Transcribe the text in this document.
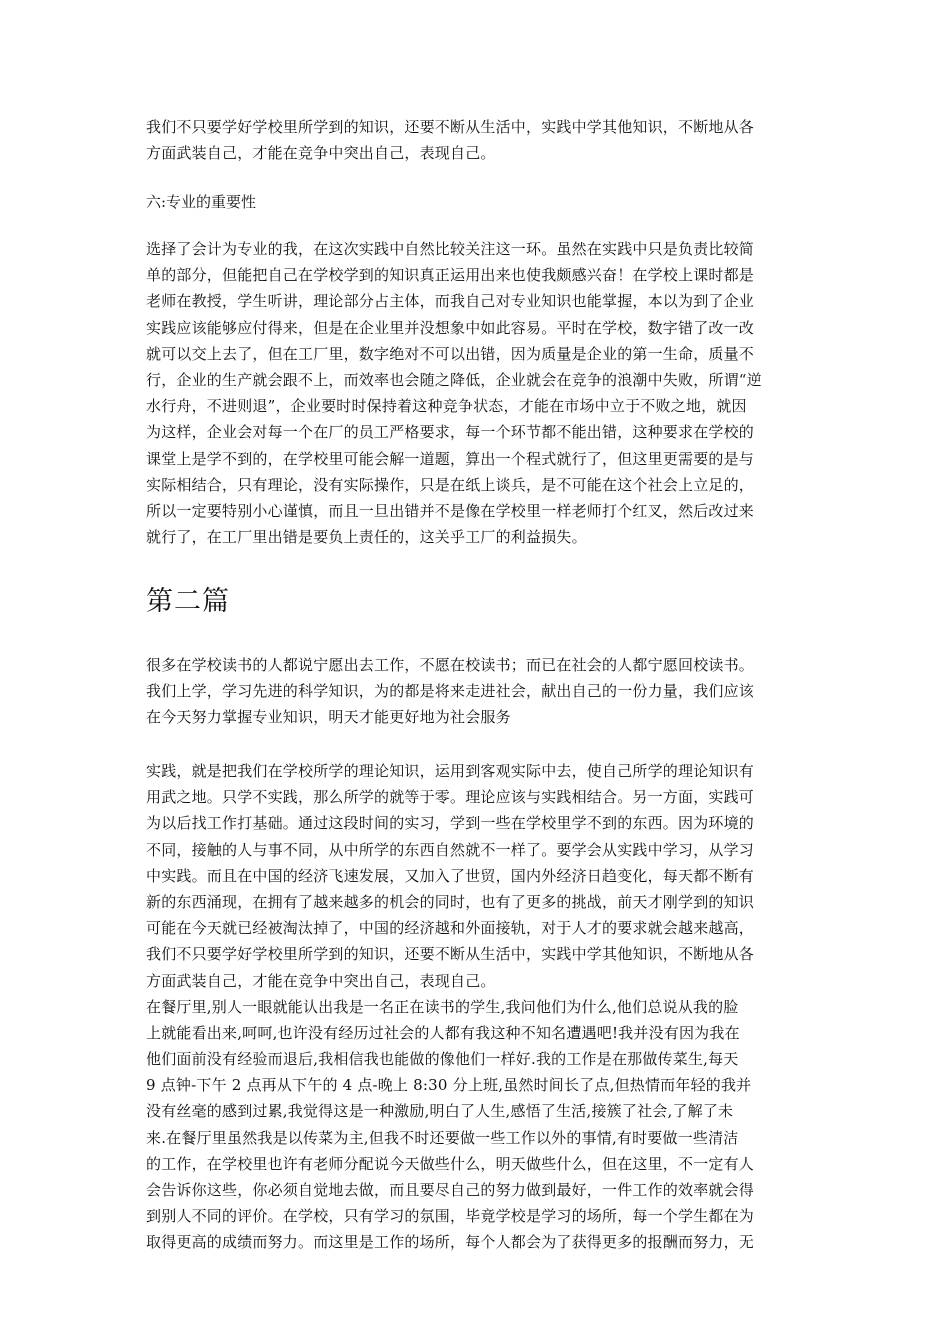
我们不只要学好学校里所学到的知识，还要不断从生活中，实践中学其他知识，不断地从各
方面武装自己，才能在竞争中突出自己，表现自己。
六:专业的重要性
选择了会计为专业的我，在这次实践中自然比较关注这一环。虽然在实践中只是负责比较简
单的部分，但能把自己在学校学到的知识真正运用出来也使我颇感兴奋！在学校上课时都是
老师在教授，学生听讲，理论部分占主体，而我自己对专业知识也能掌握，本以为到了企业
实践应该能够应付得来，但是在企业里并没想象中如此容易。平时在学校，数字错了改一改
就可以交上去了，但在工厂里，数字绝对不可以出错，因为质量是企业的第一生命，质量不
行，企业的生产就会跟不上，而效率也会随之降低，企业就会在竞争的浪潮中失败，所谓“逆
水行舟，不进则退”，企业要时时保持着这种竞争状态，才能在市场中立于不败之地，就因
为这样，企业会对每一个在厂的员工严格要求，每一个环节都不能出错，这种要求在学校的
课堂上是学不到的，在学校里可能会解一道题，算出一个程式就行了，但这里更需要的是与
实际相结合，只有理论，没有实际操作，只是在纸上谈兵，是不可能在这个社会上立足的，
所以一定要特别小心谨慎，而且一旦出错并不是像在学校里一样老师打个红叉，然后改过来
就行了，在工厂里出错是要负上责任的，这关乎工厂的利益损失。
第二篇
很多在学校读书的人都说宁愿出去工作，不愿在校读书；而已在社会的人都宁愿回校读书。
我们上学，学习先进的科学知识，为的都是将来走进社会，献出自己的一份力量，我们应该
在今天努力掌握专业知识，明天才能更好地为社会服务
实践，就是把我们在学校所学的理论知识，运用到客观实际中去，使自己所学的理论知识有
用武之地。只学不实践，那么所学的就等于零。理论应该与实践相结合。另一方面，实践可
为以后找工作打基础。通过这段时间的实习，学到一些在学校里学不到的东西。因为环境的
不同，接触的人与事不同，从中所学的东西自然就不一样了。要学会从实践中学习，从学习
中实践。而且在中国的经济飞速发展，又加入了世贸，国内外经济日趋变化，每天都不断有
新的东西涌现，在拥有了越来越多的机会的同时，也有了更多的挑战，前天才刚学到的知识
可能在今天就已经被淘汰掉了，中国的经济越和外面接轨，对于人才的要求就会越来越高，
我们不只要学好学校里所学到的知识，还要不断从生活中，实践中学其他知识，不断地从各
方面武装自己，才能在竞争中突出自己，表现自己。
在餐厅里,别人一眼就能认出我是一名正在读书的学生,我问他们为什么,他们总说从我的脸
上就能看出来,呵呵,也许没有经历过社会的人都有我这种不知名遭遇吧!我并没有因为我在
他们面前没有经验而退后,我相信我也能做的像他们一样好.我的工作是在那做传菜生,每天
9 点钟-下午 2 点再从下午的 4 点-晚上 8:30 分上班,虽然时间长了点,但热情而年轻的我并
没有丝毫的感到过累,我觉得这是一种激励,明白了人生,感悟了生活,接簇了社会,了解了未
来.在餐厅里虽然我是以传菜为主,但我不时还要做一些工作以外的事情,有时要做一些清洁
的工作，在学校里也许有老师分配说今天做些什么，明天做些什么，但在这里，不一定有人
会告诉你这些，你必须自觉地去做，而且要尽自己的努力做到最好，一件工作的效率就会得
到别人不同的评价。在学校，只有学习的氛围，毕竟学校是学习的场所，每一个学生都在为
取得更高的成绩而努力。而这里是工作的场所，每个人都会为了获得更多的报酬而努力，无
